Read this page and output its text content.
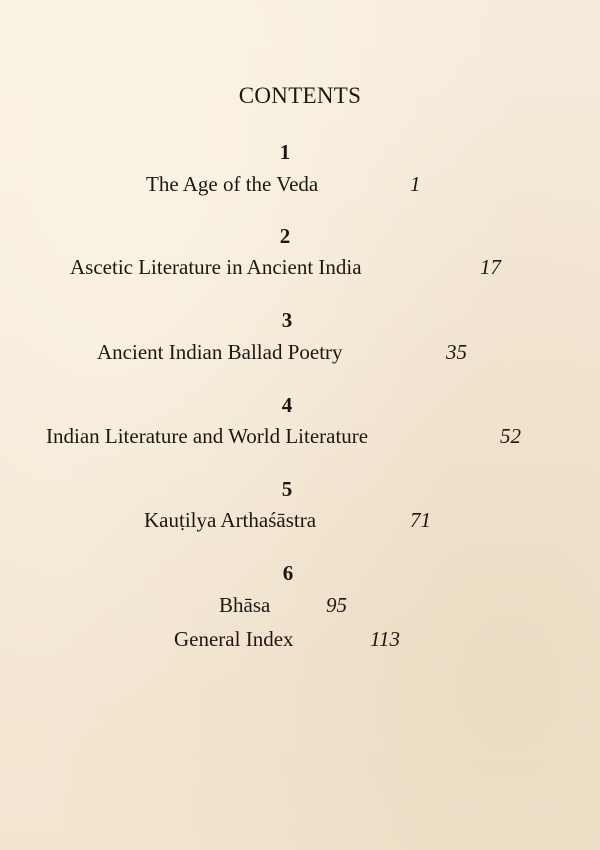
CONTENTS
1
The Age of the Veda	1
2
Ascetic Literature in Ancient India	17
3
Ancient Indian Ballad Poetry	35
4
Indian Literature and World Literature	52
5
Kauṭilya Arthaśāstra	71
6
Bhāsa	95
General Index	113
